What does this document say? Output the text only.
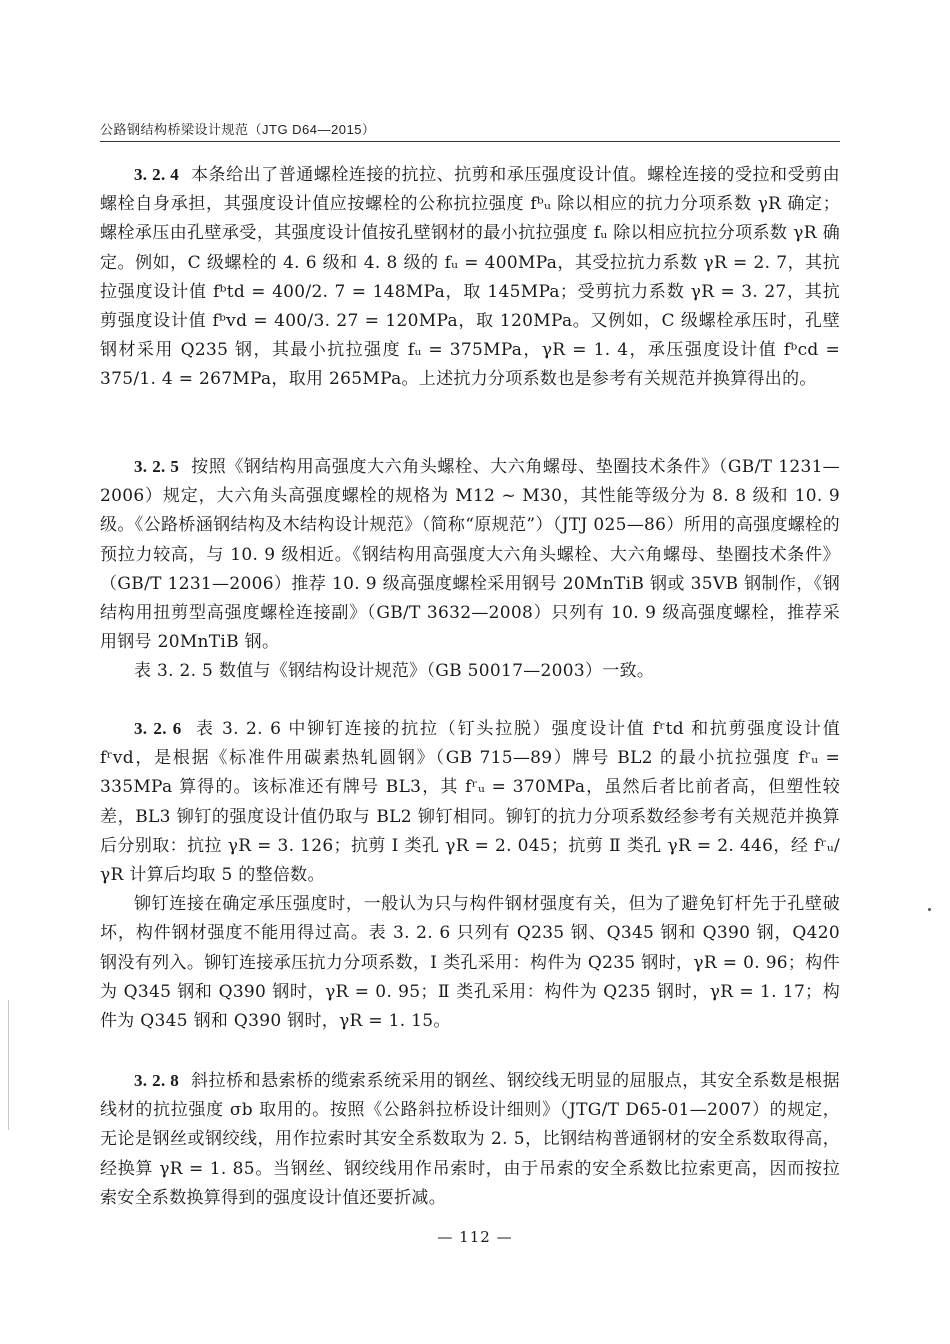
公路钢结构桥梁设计规范（JTG D64—2015）

3. 2. 4 本条给出了普通螺栓连接的抗拉、抗剪和承压强度设计值。螺栓连接的受拉和受剪由螺栓自身承担，其强度设计值应按螺栓的公称抗拉强度 fᵇᵤ 除以相应的抗力分项系数 γR 确定；螺栓承压由孔壁承受，其强度设计值按孔壁钢材的最小抗拉强度 fᵤ 除以相应抗拉分项系数 γR 确定。例如，C 级螺栓的 4. 6 级和 4. 8 级的 fᵤ = 400MPa，其受拉抗力系数 γR = 2. 7，其抗拉强度设计值 fᵇtd = 400/2. 7 = 148MPa，取 145MPa；受剪抗力系数 γR = 3. 27，其抗剪强度设计值 fᵇvd = 400/3. 27 = 120MPa，取 120MPa。又例如，C 级螺栓承压时，孔壁钢材采用 Q235 钢，其最小抗拉强度 fᵤ = 375MPa，γR = 1. 4，承压强度设计值 fᵇcd = 375/1. 4 = 267MPa，取用 265MPa。上述抗力分项系数也是参考有关规范并换算得出的。

3. 2. 5 按照《钢结构用高强度大六角头螺栓、大六角螺母、垫圈技术条件》（GB/T 1231—2006）规定，大六角头高强度螺栓的规格为 M12 ~ M30，其性能等级分为 8. 8 级和 10. 9 级。《公路桥涵钢结构及木结构设计规范》（简称“原规范”）（JTJ 025—86）所用的高强度螺栓的预拉力较高，与 10. 9 级相近。《钢结构用高强度大六角头螺栓、大六角螺母、垫圈技术条件》（GB/T 1231—2006）推荐 10. 9 级高强度螺栓采用钢号 20MnTiB 钢或 35VB 钢制作，《钢结构用扭剪型高强度螺栓连接副》（GB/T 3632—2008）只列有 10. 9 级高强度螺栓，推荐采用钢号 20MnTiB 钢。

表 3. 2. 5 数值与《钢结构设计规范》（GB 50017—2003）一致。

3. 2. 6 表 3. 2. 6 中铆钉连接的抗拉（钉头拉脱）强度设计值 fʳtd 和抗剪强度设计值 fʳvd，是根据《标准件用碳素热轧圆钢》（GB 715—89）牌号 BL2 的最小抗拉强度 fʳᵤ = 335MPa 算得的。该标准还有牌号 BL3，其 fʳᵤ = 370MPa，虽然后者比前者高，但塑性较差，BL3 铆钉的强度设计值仍取与 BL2 铆钉相同。铆钉的抗力分项系数经参考有关规范并换算后分别取：抗拉 γR = 3. 126；抗剪 Ⅰ 类孔 γR = 2. 045；抗剪 Ⅱ 类孔 γR = 2. 446，经 fʳᵤ/γR 计算后均取 5 的整倍数。

铆钉连接在确定承压强度时，一般认为只与构件钢材强度有关，但为了避免钉杆先于孔壁破坏，构件钢材强度不能用得过高。表 3. 2. 6 只列有 Q235 钢、Q345 钢和 Q390 钢，Q420 钢没有列入。铆钉连接承压抗力分项系数，Ⅰ 类孔采用：构件为 Q235 钢时，γR = 0. 96；构件为 Q345 钢和 Q390 钢时，γR = 0. 95；Ⅱ 类孔采用：构件为 Q235 钢时，γR = 1. 17；构件为 Q345 钢和 Q390 钢时，γR = 1. 15。

3. 2. 8 斜拉桥和悬索桥的缆索系统采用的钢丝、钢绞线无明显的屈服点，其安全系数是根据线材的抗拉强度 σb 取用的。按照《公路斜拉桥设计细则》（JTG/T D65-01—2007）的规定，无论是钢丝或钢绞线，用作拉索时其安全系数取为 2. 5，比钢结构普通钢材的安全系数取得高，经换算 γR = 1. 85。当钢丝、钢绞线用作吊索时，由于吊索的安全系数比拉索更高，因而按拉索安全系数换算得到的强度设计值还要折减。

— 112 —
